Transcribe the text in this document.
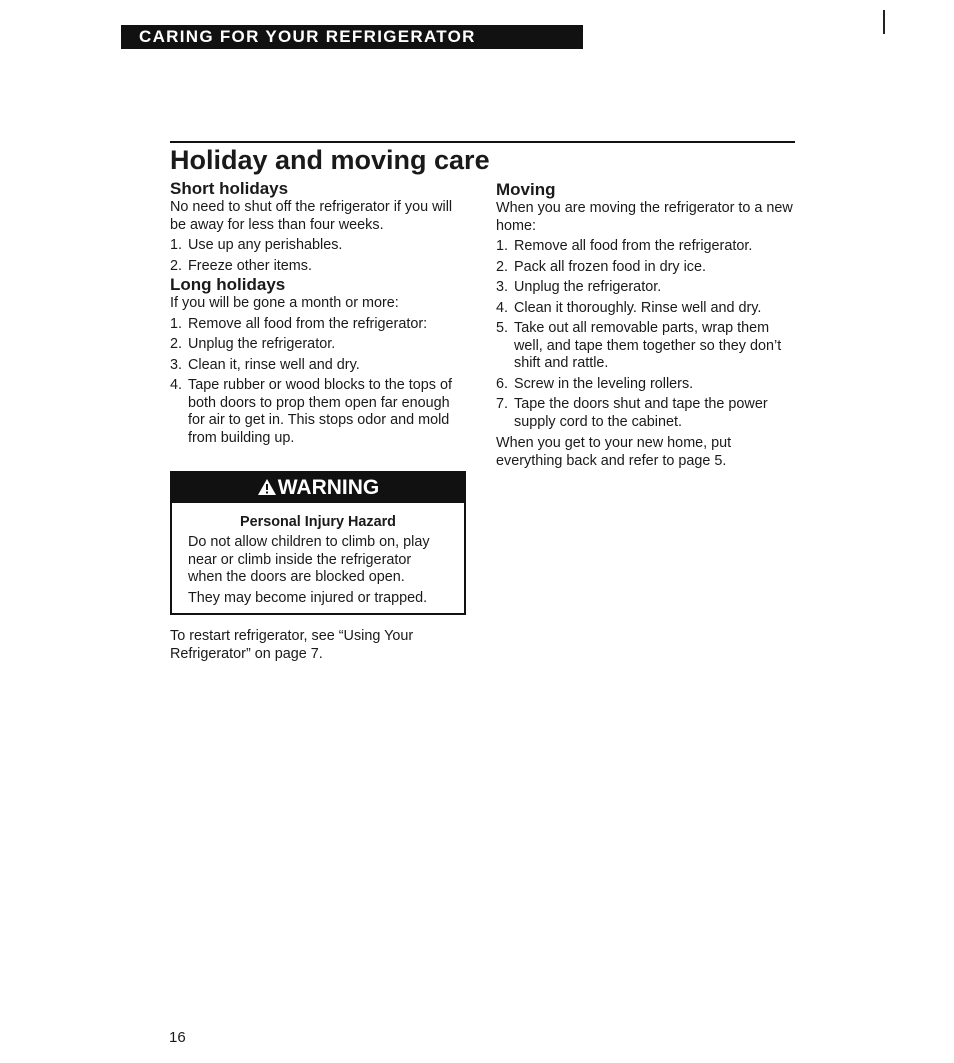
CARING FOR YOUR REFRIGERATOR
Holiday and moving care
Short holidays

No need to shut off the refrigerator if you will be away for less than four weeks.

1. Use up any perishables.
2. Freeze other items.
Long holidays

If you will be gone a month or more:

1. Remove all food from the refrigerator:
2. Unplug the refrigerator.
3. Clean it, rinse well and dry.
4. Tape rubber or wood blocks to the tops of both doors to prop them open far enough for air to get in. This stops odor and mold from building up.
WARNING
Personal Injury Hazard

Do not allow children to climb on, play near or climb inside the refrigerator when the doors are blocked open.

They may become injured or trapped.

To restart refrigerator, see “Using Your Refrigerator” on page 7.

Moving

When you are moving the refrigerator to a new home:

1. Remove all food from the refrigerator.
2. Pack all frozen food in dry ice.
3. Unplug the refrigerator.
4. Clean it thoroughly. Rinse well and dry.
5. Take out all removable parts, wrap them well, and tape them together so they don’t shift and rattle.
6. Screw in the leveling rollers.
7. Tape the doors shut and tape the power supply cord to the cabinet.

When you get to your new home, put everything back and refer to page 5.

16
